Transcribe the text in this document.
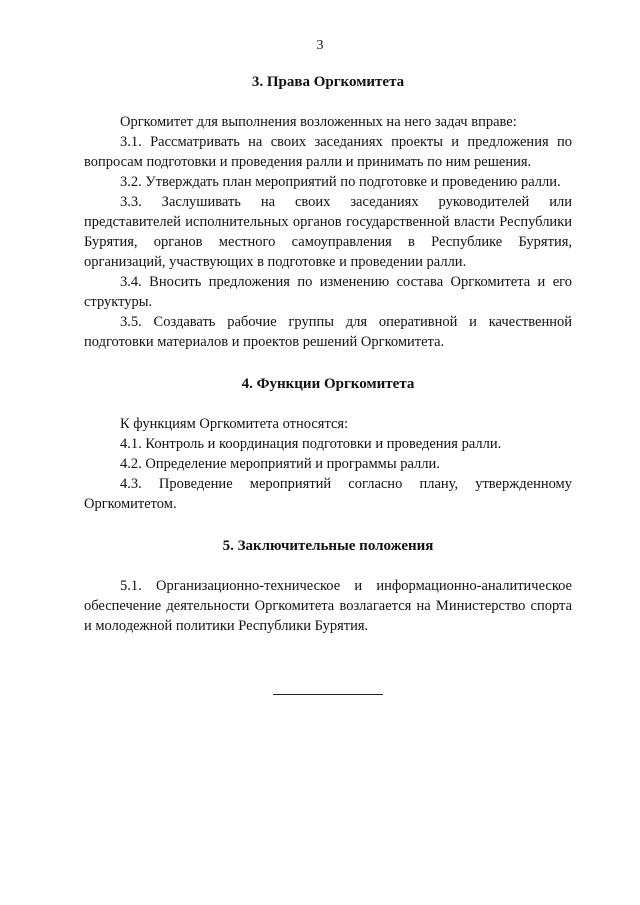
3
3. Права Оргкомитета

Оргкомитет для выполнения возложенных на него задач вправе:

3.1. Рассматривать на своих заседаниях проекты и предложения по вопросам подготовки и проведения ралли и принимать по ним решения.

3.2. Утверждать план мероприятий по подготовке и проведению ралли.

3.3. Заслушивать на своих заседаниях руководителей или представителей исполнительных органов государственной власти Республики Бурятия, органов местного самоуправления в Республике Бурятия, организаций, участвующих в подготовке и проведении ралли.

3.4. Вносить предложения по изменению состава Оргкомитета и его структуры.

3.5. Создавать рабочие группы для оперативной и качественной подготовки материалов и проектов решений Оргкомитета.

4. Функции Оргкомитета

К функциям Оргкомитета относятся:

4.1. Контроль и координация подготовки и проведения ралли.

4.2. Определение мероприятий и программы ралли.

4.3. Проведение мероприятий согласно плану, утвержденному Оргкомитетом.

5. Заключительные положения

5.1. Организационно-техническое и информационно-аналитическое обеспечение деятельности Оргкомитета возлагается на Министерство спорта и молодежной политики Республики Бурятия.
